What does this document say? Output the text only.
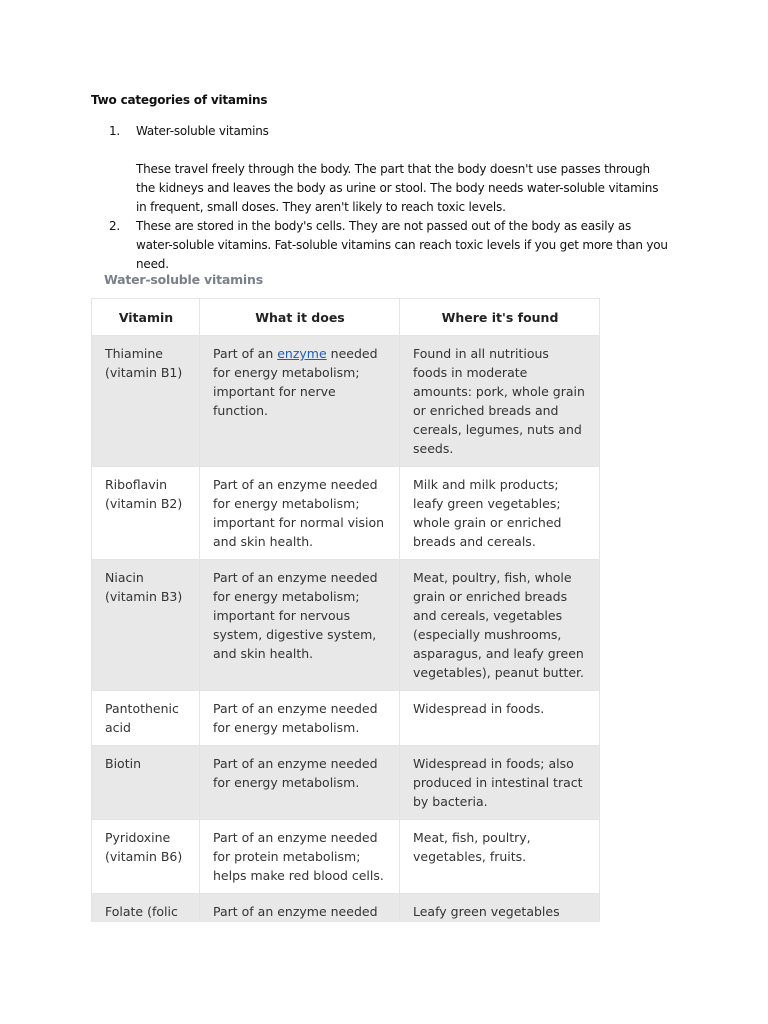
Two categories of vitamins
1. Water-soluble vitamins
These travel freely through the body. The part that the body doesn't use passes through the kidneys and leaves the body as urine or stool. The body needs water-soluble vitamins in frequent, small doses. They aren't likely to reach toxic levels.
2. These are stored in the body's cells. They are not passed out of the body as easily as water-soluble vitamins. Fat-soluble vitamins can reach toxic levels if you get more than you need.
Water-soluble vitamins
Vitamin	What it does	Where it's found
Thiamine (vitamin B1)	Part of an enzyme needed for energy metabolism; important for nerve function.	Found in all nutritious foods in moderate amounts: pork, whole grain or enriched breads and cereals, legumes, nuts and seeds.
Riboflavin (vitamin B2)	Part of an enzyme needed for energy metabolism; important for normal vision and skin health.	Milk and milk products; leafy green vegetables; whole grain or enriched breads and cereals.
Niacin (vitamin B3)	Part of an enzyme needed for energy metabolism; important for nervous system, digestive system, and skin health.	Meat, poultry, fish, whole grain or enriched breads and cereals, vegetables (especially mushrooms, asparagus, and leafy green vegetables), peanut butter.
Pantothenic acid	Part of an enzyme needed for energy metabolism.	Widespread in foods.
Biotin	Part of an enzyme needed for energy metabolism.	Widespread in foods; also produced in intestinal tract by bacteria.
Pyridoxine (vitamin B6)	Part of an enzyme needed for protein metabolism; helps make red blood cells.	Meat, fish, poultry, vegetables, fruits.
Folate (folic	Part of an enzyme needed	Leafy green vegetables
